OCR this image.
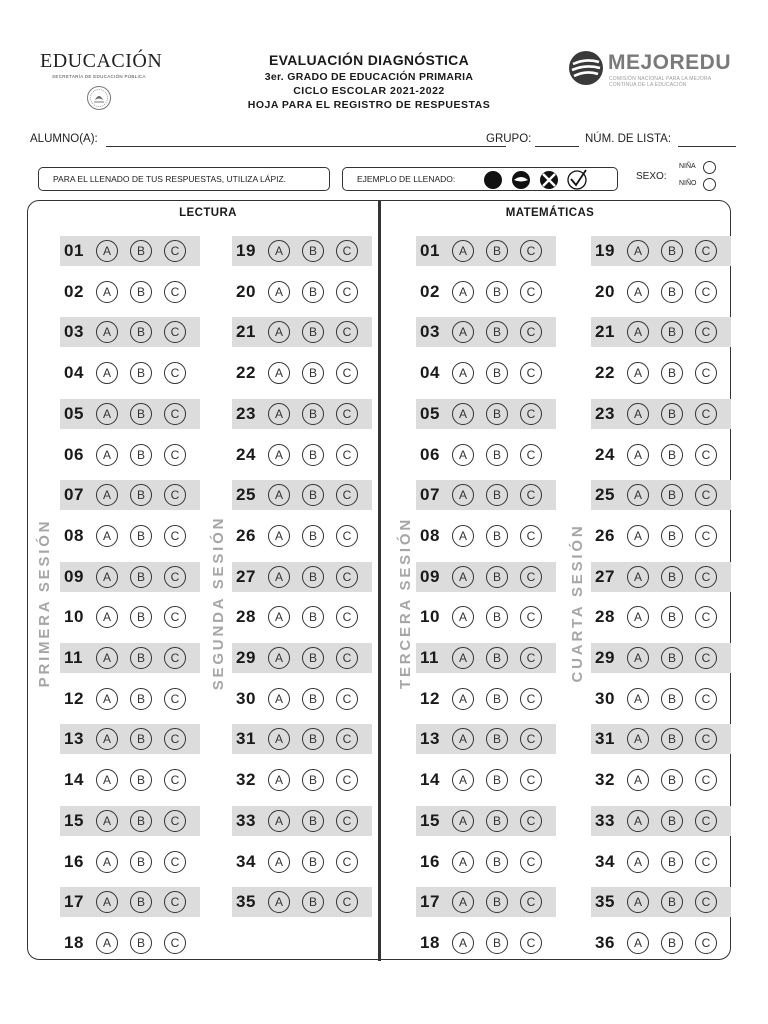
EDUCACIÓN
SECRETARÍA DE EDUCACIÓN PÚBLICA
EVALUACIÓN DIAGNÓSTICA
3er. GRADO DE EDUCACIÓN PRIMARIA
CICLO ESCOLAR 2021-2022
HOJA PARA EL REGISTRO DE RESPUESTAS
MEJOREDU
COMISIÓN NACIONAL PARA LA MEJORA
CONTINUA DE LA EDUCACIÓN
ALUMNO(A):	GRUPO:	NÚM. DE LISTA:
PARA EL LLENADO DE TUS RESPUESTAS, UTILIZA LÁPIZ.	EJEMPLO DE LLENADO:	SEXO:
NIÑA
NIÑO
LECTURA	MATEMÁTICAS
PRIMERA SESIÓN	SEGUNDA SESIÓN	TERCERA SESIÓN	CUARTA SESIÓN
01	A	B	C
02	A	B	C
03	A	B	C
04	A	B	C
05	A	B	C
06	A	B	C
07	A	B	C
08	A	B	C
09	A	B	C
10	A	B	C
11	A	B	C
12	A	B	C
13	A	B	C
14	A	B	C
15	A	B	C
16	A	B	C
17	A	B	C
18	A	B	C
19	A	B	C
20	A	B	C
21	A	B	C
22	A	B	C
23	A	B	C
24	A	B	C
25	A	B	C
26	A	B	C
27	A	B	C
28	A	B	C
29	A	B	C
30	A	B	C
31	A	B	C
32	A	B	C
33	A	B	C
34	A	B	C
35	A	B	C
01	A	B	C
02	A	B	C
03	A	B	C
04	A	B	C
05	A	B	C
06	A	B	C
07	A	B	C
08	A	B	C
09	A	B	C
10	A	B	C
11	A	B	C
12	A	B	C
13	A	B	C
14	A	B	C
15	A	B	C
16	A	B	C
17	A	B	C
18	A	B	C
19	A	B	C
20	A	B	C
21	A	B	C
22	A	B	C
23	A	B	C
24	A	B	C
25	A	B	C
26	A	B	C
27	A	B	C
28	A	B	C
29	A	B	C
30	A	B	C
31	A	B	C
32	A	B	C
33	A	B	C
34	A	B	C
35	A	B	C
36	A	B	C
